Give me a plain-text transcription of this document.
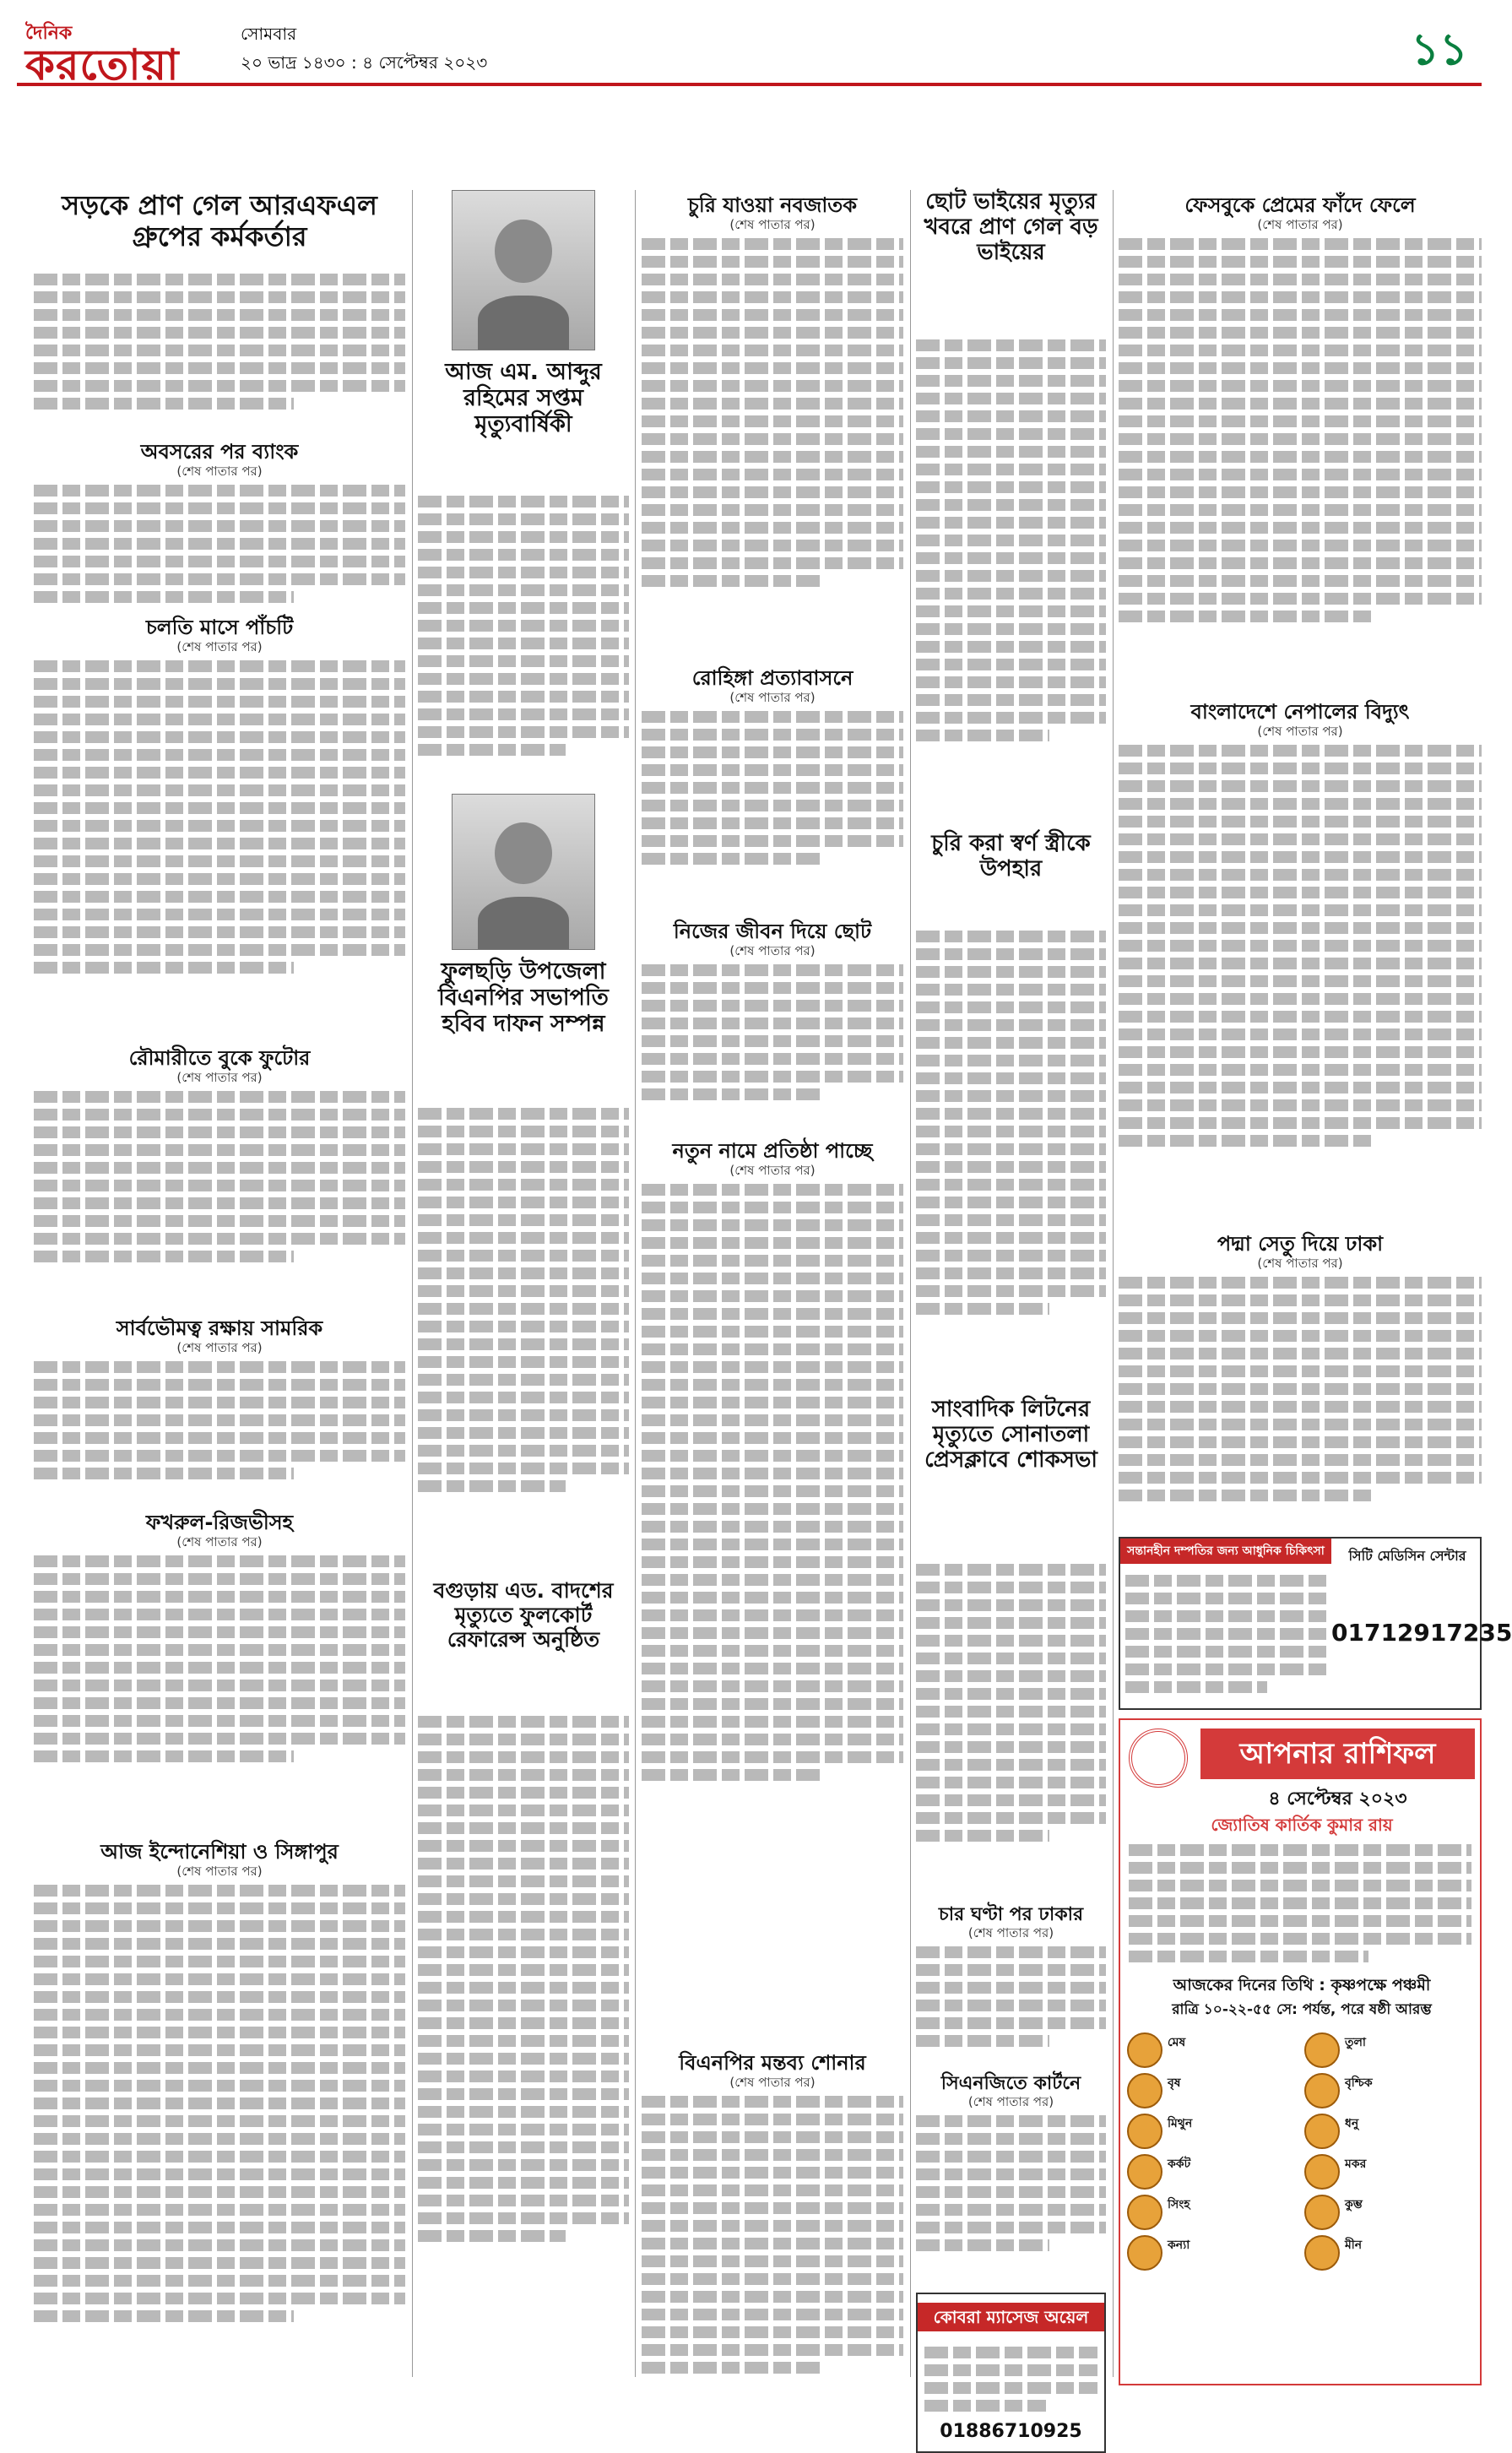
দৈনিক
করতোয়া
সোমবার
২০ ভাদ্র ১৪৩০ : ৪ সেপ্টেম্বর ২০২৩	১১
সড়কে প্রাণ গেল আরএফএল গ্রুপের কর্মকর্তার
অবসরের পর ব্যাংক
(শেষ পাতার পর)
চলতি মাসে পাঁচটি
(শেষ পাতার পর)
রৌমারীতে বুকে ফুটোর
(শেষ পাতার পর)
সার্বভৌমত্ব রক্ষায় সামরিক
(শেষ পাতার পর)
ফখরুল-রিজভীসহ
(শেষ পাতার পর)
আজ ইন্দোনেশিয়া ও সিঙ্গাপুর
(শেষ পাতার পর)
আজ এম. আব্দুর রহিমের সপ্তম মৃত্যুবার্ষিকী
ফুলছড়ি উপজেলা বিএনপির সভাপতি হবিব দাফন সম্পন্ন
বগুড়ায় এড. বাদশের মৃত্যুতে ফুলকোর্ট রেফারেন্স অনুষ্ঠিত
চুরি যাওয়া নবজাতক
(শেষ পাতার পর)
রোহিঙ্গা প্রত্যাবাসনে
(শেষ পাতার পর)
নিজের জীবন দিয়ে ছোট
(শেষ পাতার পর)
নতুন নামে প্রতিষ্ঠা পাচ্ছে
(শেষ পাতার পর)
বিএনপির মন্তব্য শোনার
(শেষ পাতার পর)
ছোট ভাইয়ের মৃত্যুর খবরে প্রাণ গেল বড় ভাইয়ের
চুরি করা স্বর্ণ স্ত্রীকে উপহার
সাংবাদিক লিটনের মৃত্যুতে সোনাতলা প্রেসক্লাবে শোকসভা
চার ঘণ্টা পর ঢাকার
(শেষ পাতার পর)
সিএনজিতে কার্টনে
(শেষ পাতার পর)
কোবরা ম্যাসেজ অয়েল
01886710925
ফেসবুকে প্রেমের ফাঁদে ফেলে
(শেষ পাতার পর)
বাংলাদেশে নেপালের বিদ্যুৎ
(শেষ পাতার পর)
পদ্মা সেতু দিয়ে ঢাকা
(শেষ পাতার পর)
সন্তানহীন দম্পতির জন্য আধুনিক চিকিৎসা	সিটি মেডিসিন সেন্টার
01712917235
আপনার রাশিফল
৪ সেপ্টেম্বর ২০২৩
জ্যোতিষ কার্তিক কুমার রায়
আজকের দিনের তিথি : কৃষ্ণপক্ষে পঞ্চমী
রাত্রি ১০-২২-৫৫ সে: পর্যন্ত, পরে ষষ্ঠী আরম্ভ
মেষ
বৃষ
মিথুন
কর্কট
সিংহ
কন্যা
তুলা
বৃশ্চিক
ধনু
মকর
কুম্ভ
মীন
